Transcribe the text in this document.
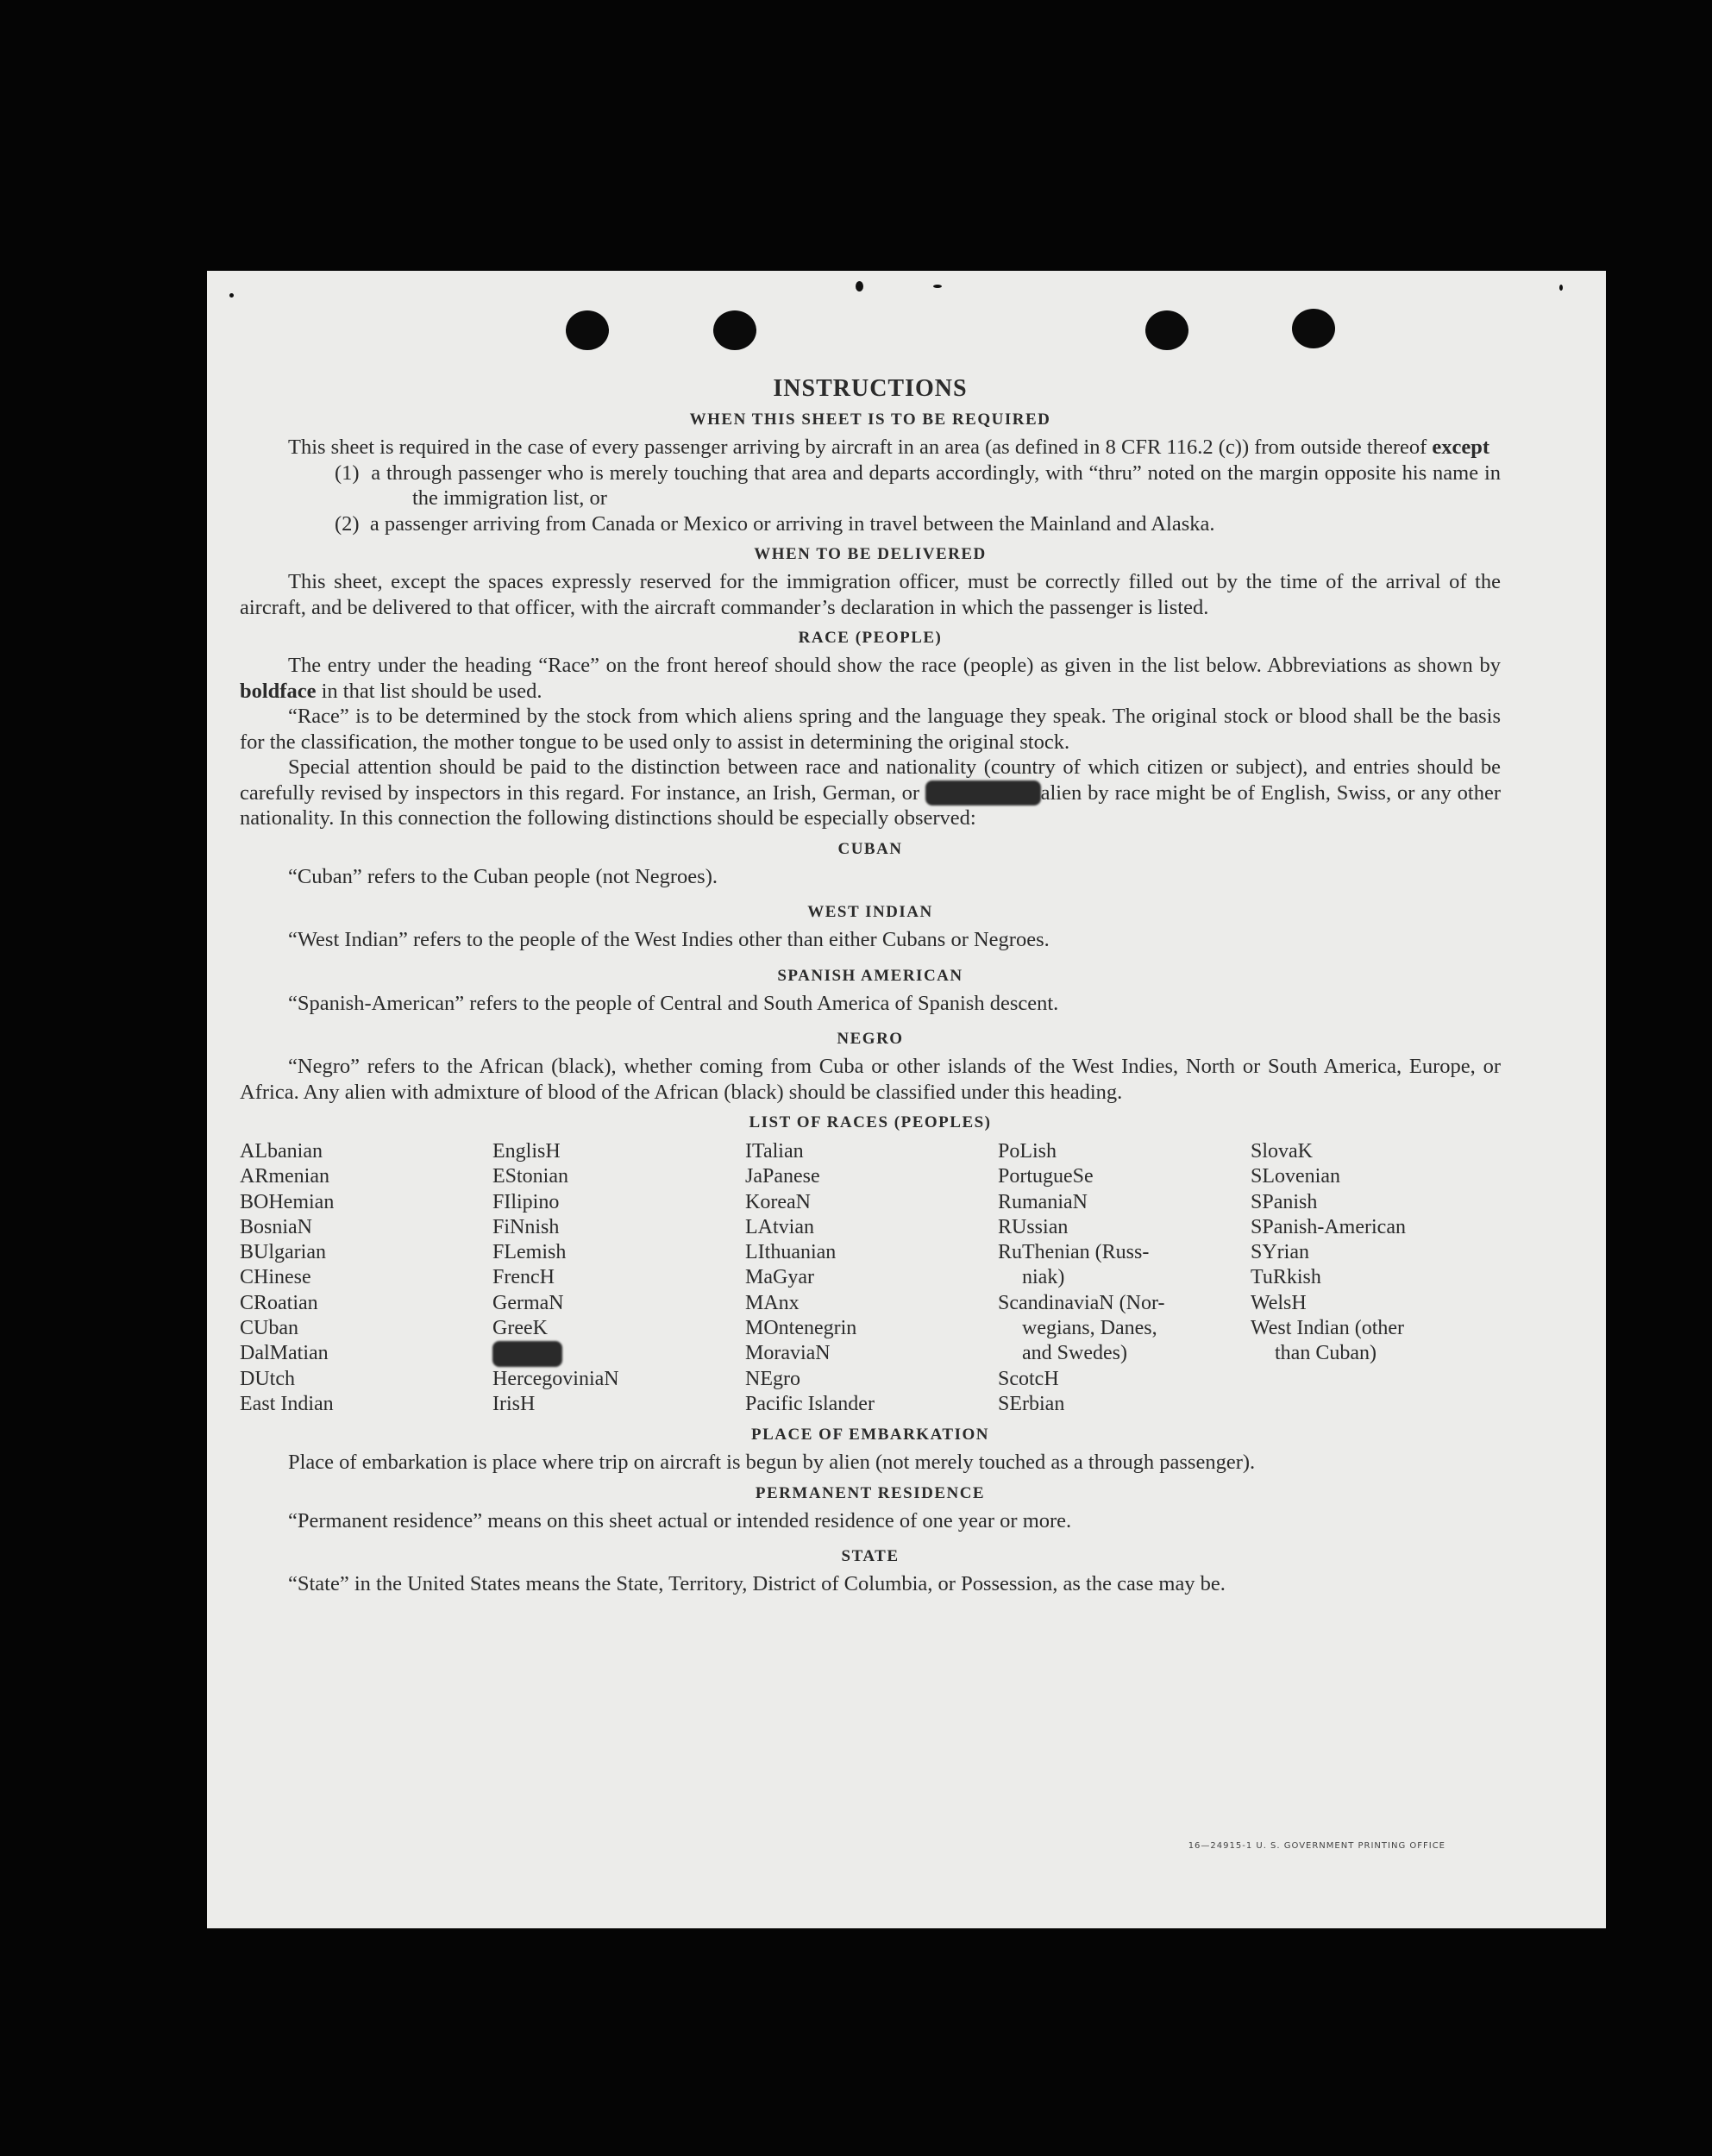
INSTRUCTIONS
WHEN THIS SHEET IS TO BE REQUIRED

This sheet is required in the case of every passenger arriving by aircraft in an area (as defined in 8 CFR 116.2 (c)) from outside thereof except

(1) a through passenger who is merely touching that area and departs accordingly, with “thru” noted on the margin opposite his name in the immigration list, or

(2) a passenger arriving from Canada or Mexico or arriving in travel between the Mainland and Alaska.

WHEN TO BE DELIVERED

This sheet, except the spaces expressly reserved for the immigration officer, must be correctly filled out by the time of the arrival of the aircraft, and be delivered to that officer, with the aircraft commander’s declaration in which the passenger is listed.

RACE (PEOPLE)

The entry under the heading “Race” on the front hereof should show the race (people) as given in the list below. Abbreviations as shown by boldface in that list should be used.

“Race” is to be determined by the stock from which aliens spring and the language they speak. The original stock or blood shall be the basis for the classification, the mother tongue to be used only to assist in determining the original stock.

Special attention should be paid to the distinction between race and nationality (country of which citizen or subject), and entries should be carefully revised by inspectors in this regard. For instance, an Irish, German, or	alien by race might be of English, Swiss, or any other nationality. In this connection the following distinctions should be especially observed:

CUBAN

“Cuban” refers to the Cuban people (not Negroes).

WEST INDIAN

“West Indian” refers to the people of the West Indies other than either Cubans or Negroes.

SPANISH AMERICAN

“Spanish-American” refers to the people of Central and South America of Spanish descent.

NEGRO

“Negro” refers to the African (black), whether coming from Cuba or other islands of the West Indies, North or South America, Europe, or Africa. Any alien with admixture of blood of the African (black) should be classified under this heading.

LIST OF RACES (PEOPLES)
ALbanian
ARmenian
BOHemian
BosniaN
BUlgarian
CHinese
CRoatian
CUban
DalMatian
DUtch
East Indian
EnglisH
EStonian
FIlipino
FiNnish
FLemish
FrencH
GermaN
GreeK
HercegoviniaN
IrisH
ITalian
JaPanese
KoreaN
LAtvian
LIthuanian
MaGyar
MAnx
MOntenegrin
MoraviaN
NEgro
Pacific Islander
PoLish
PortugueSe
RumaniaN
RUssian
RuThenian (Russ-
niak)
ScandinaviaN (Nor-
wegians, Danes,
and Swedes)
ScotcH
SErbian
SlovaK
SLovenian
SPanish
SPanish-American
SYrian
TuRkish
WelsH
West Indian (other
than Cuban)
PLACE OF EMBARKATION

Place of embarkation is place where trip on aircraft is begun by alien (not merely touched as a through passenger).

PERMANENT RESIDENCE

“Permanent residence” means on this sheet actual or intended residence of one year or more.

STATE

“State” in the United States means the State, Territory, District of Columbia, or Possession, as the case may be.

16—24915-1 U. S. GOVERNMENT PRINTING OFFICE
